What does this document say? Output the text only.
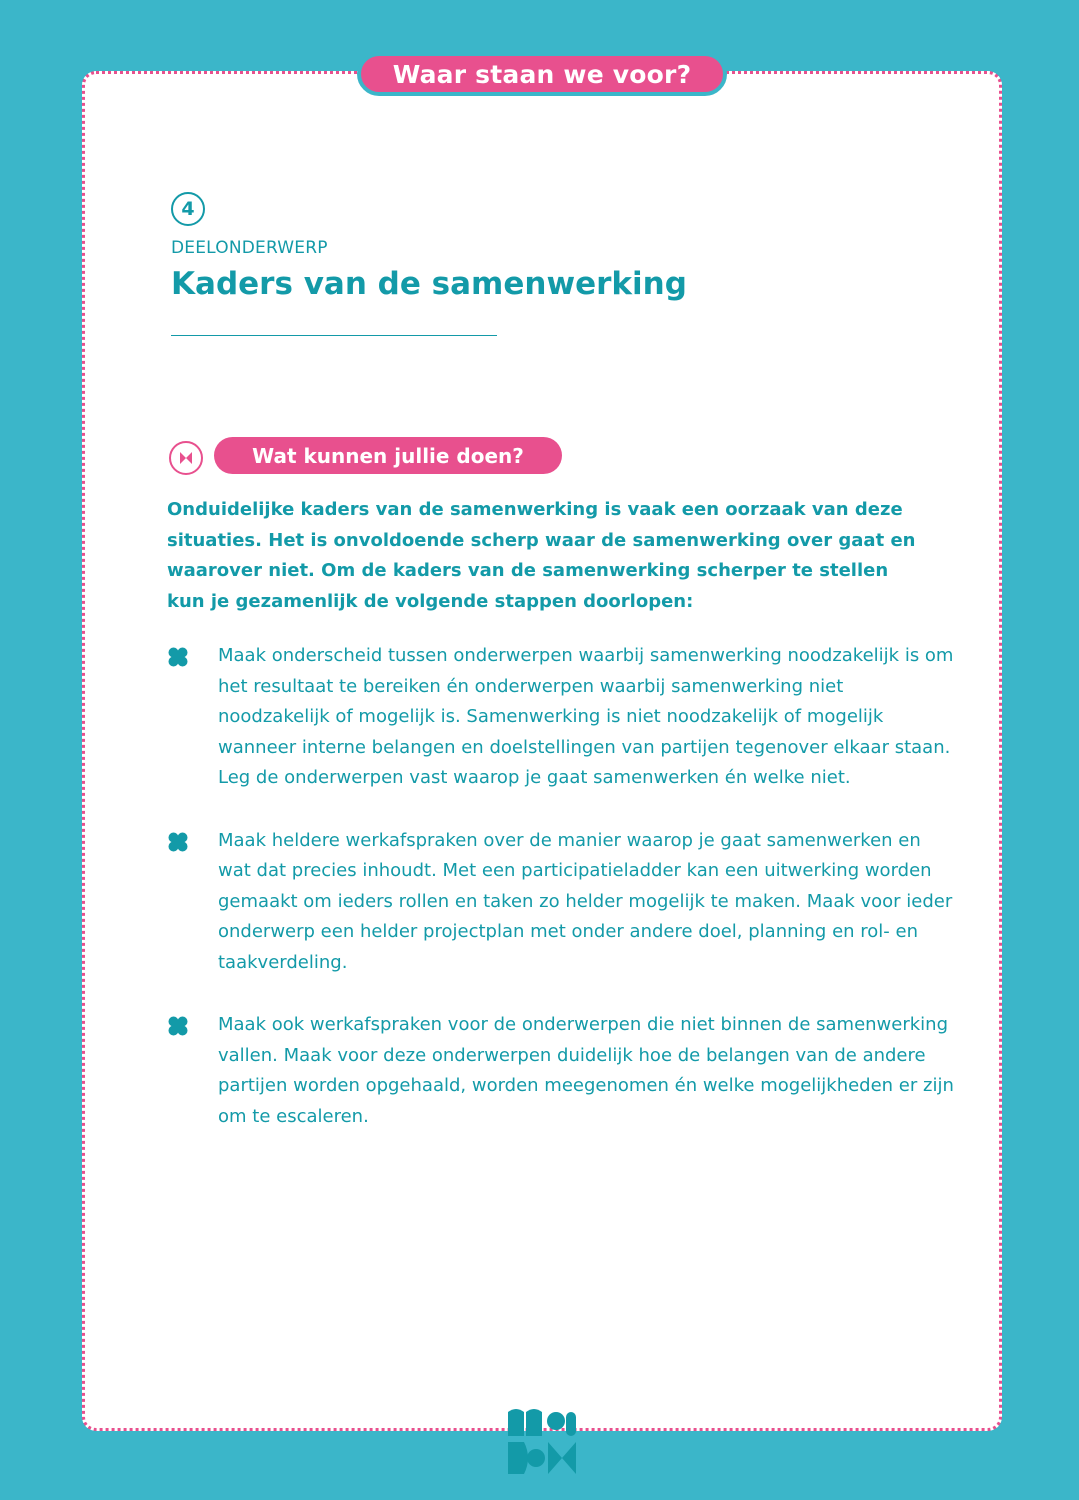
Waar staan we voor?
4
DEELONDERWERP
Kaders van de samenwerking
Wat kunnen jullie doen?
Onduidelijke kaders van de samenwerking is vaak een oorzaak van deze situaties. Het is onvoldoende scherp waar de samenwerking over gaat en waarover niet. Om de kaders van de samenwerking scherper te stellen kun je gezamenlijk de volgende stappen doorlopen:
Maak onderscheid tussen onderwerpen waarbij samenwerking noodzakelijk is om het resultaat te bereiken én onderwerpen waarbij samenwerking niet noodzakelijk of mogelijk is. Samenwerking is niet noodzakelijk of mogelijk wanneer interne belangen en doelstellingen van partijen tegenover elkaar staan. Leg de onderwerpen vast waarop je gaat samenwerken én welke niet.
Maak heldere werkafspraken over de manier waarop je gaat samenwerken en wat dat precies inhoudt. Met een participatieladder kan een uitwerking worden gemaakt om ieders rollen en taken zo helder mogelijk te maken. Maak voor ieder onderwerp een helder projectplan met onder andere doel, planning en rol- en taakverdeling.
Maak ook werkafspraken voor de onderwerpen die niet binnen de samenwerking vallen. Maak voor deze onderwerpen duidelijk hoe de belangen van de andere partijen worden opgehaald, worden meegenomen én welke mogelijkheden er zijn om te escaleren.
